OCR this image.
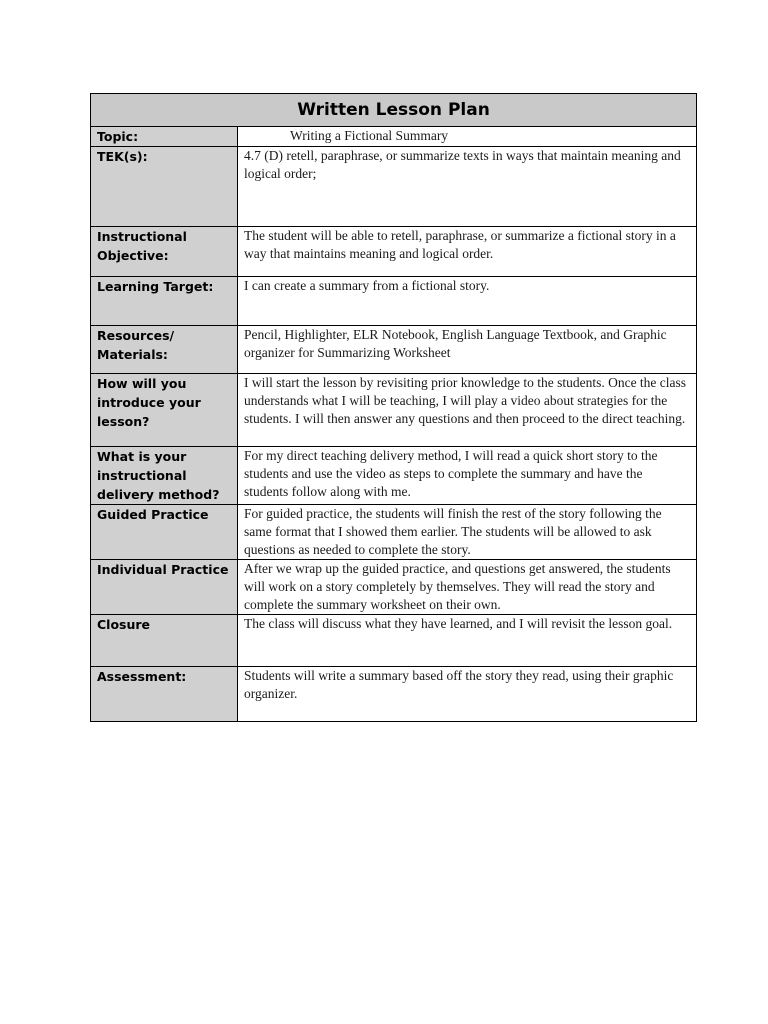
Written Lesson Plan	
Topic:	Writing a Fictional Summary
TEK(s):	4.7 (D) retell, paraphrase, or summarize texts in ways that maintain meaning and logical order;
Instructional Objective:	The student will be able to retell, paraphrase, or summarize a fictional story in a way that maintains meaning and logical order.
Learning Target:	I can create a summary from a fictional story.
Resources/ Materials:	Pencil, Highlighter, ELR Notebook, English Language Textbook, and Graphic organizer for Summarizing Worksheet
How will you introduce your lesson?	I will start the lesson by revisiting prior knowledge to the students. Once the class understands what I will be teaching, I will play a video about strategies for the students. I will then answer any questions and then proceed to the direct teaching.
What is your instructional delivery method?	For my direct teaching delivery method, I will read a quick short story to the students and use the video as steps to complete the summary and have the students follow along with me.
Guided Practice	For guided practice, the students will finish the rest of the story following the same format that I showed them earlier. The students will be allowed to ask questions as needed to complete the story.
Individual Practice	After we wrap up the guided practice, and questions get answered, the students will work on a story completely by themselves. They will read the story and complete the summary worksheet on their own.
Closure	The class will discuss what they have learned, and I will revisit the lesson goal.
Assessment:	Students will write a summary based off the story they read, using their graphic organizer.
